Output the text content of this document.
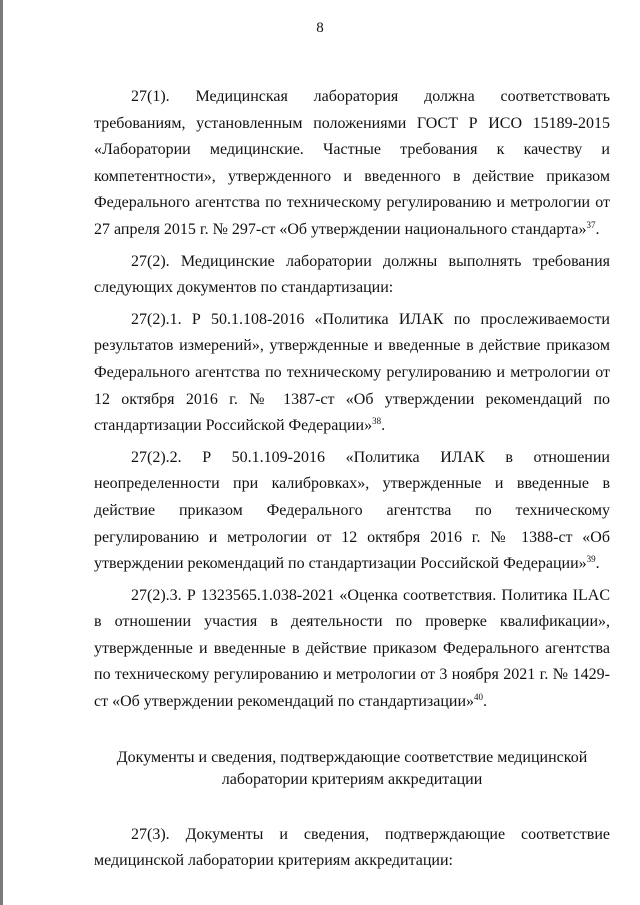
8

27(1). Медицинская лаборатория должна соответствовать требованиям, установленным положениями ГОСТ Р ИСО 15189-2015 «Лаборатории медицинские. Частные требования к качеству и компетентности», утвержденного и введенного в действие приказом Федерального агентства по техническому регулированию и метрологии от 27 апреля 2015 г. № 297-ст «Об утверждении национального стандарта»$^{37}$.

27(2). Медицинские лаборатории должны выполнять требования следующих документов по стандартизации:

27(2).1. Р 50.1.108-2016 «Политика ИЛАК по прослеживаемости результатов измерений», утвержденные и введенные в действие приказом Федерального агентства по техническому регулированию и метрологии от 12 октября 2016 г. № 1387-ст «Об утверждении рекомендаций по стандартизации Российской Федерации»$^{38}$.

27(2).2. Р 50.1.109-2016 «Политика ИЛАК в отношении неопределенности при калибровках», утвержденные и введенные в действие приказом Федерального агентства по техническому регулированию и метрологии от 12 октября 2016 г. № 1388-ст «Об утверждении рекомендаций по стандартизации Российской Федерации»$^{39}$.

27(2).3. Р 1323565.1.038-2021 «Оценка соответствия. Политика ILAC в отношении участия в деятельности по проверке квалификации», утвержденные и введенные в действие приказом Федерального агентства по техническому регулированию и метрологии от 3 ноября 2021 г. № 1429-ст «Об утверждении рекомендаций по стандартизации»$^{40}$.

Документы и сведения, подтверждающие соответствие медицинской
лаборатории критериям аккредитации

27(3). Документы и сведения, подтверждающие соответствие медицинской лаборатории критериям аккредитации:
